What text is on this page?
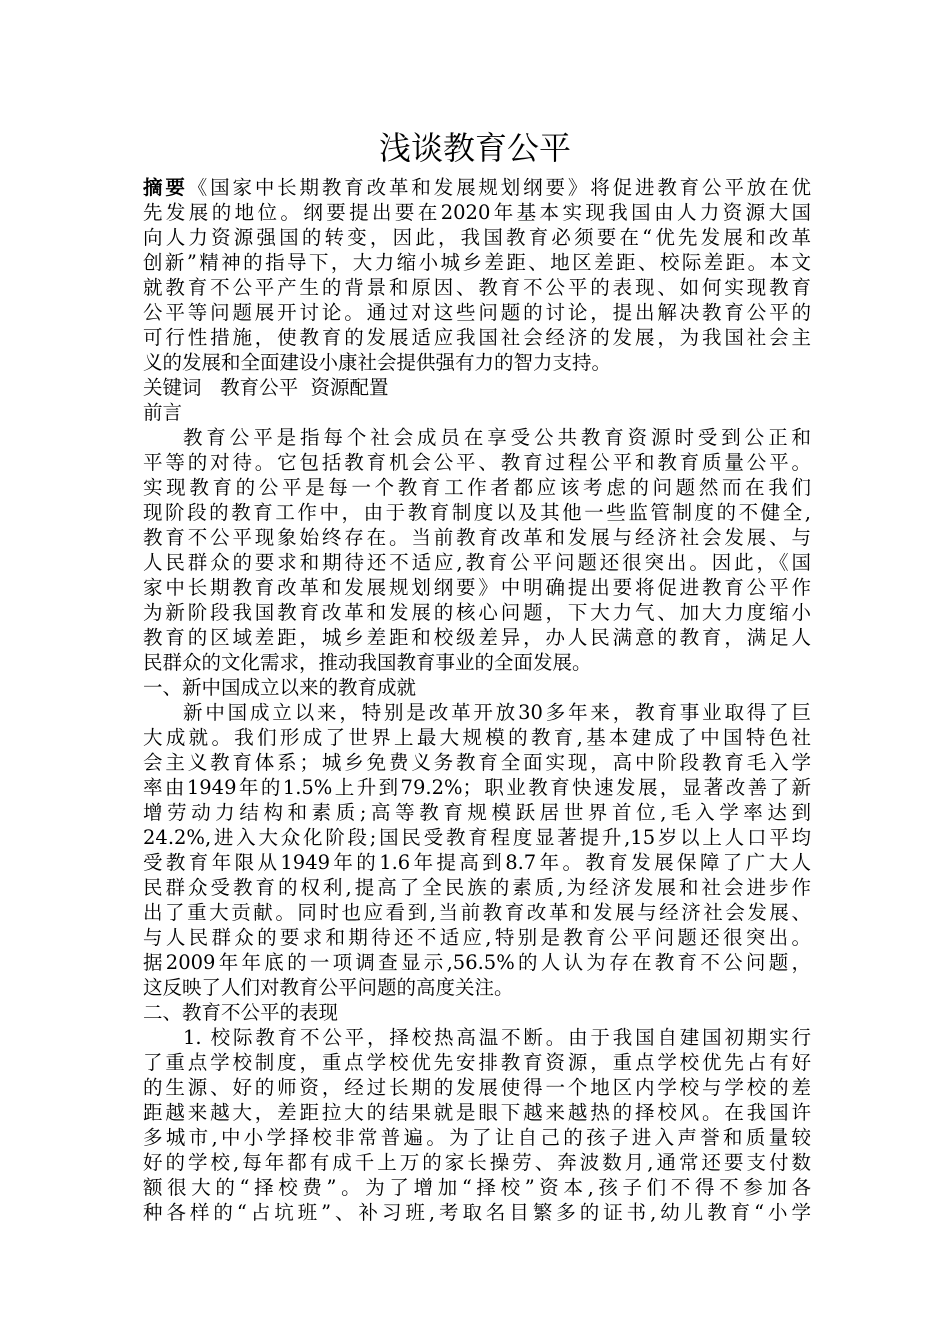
浅谈教育公平
摘要《国家中长期教育改革和发展规划纲要》将促进教育公平放在优
先发展的地位。纲要提出要在2020年基本实现我国由人力资源大国
向人力资源强国的转变，因此，我国教育必须要在“优先发展和改革
创新”精神的指导下，大力缩小城乡差距、地区差距、校际差距。本文
就教育不公平产生的背景和原因、教育不公平的表现、如何实现教育
公平等问题展开讨论。通过对这些问题的讨论，提出解决教育公平的
可行性措施，使教育的发展适应我国社会经济的发展，为我国社会主
义的发展和全面建设小康社会提供强有力的智力支持。
关键词   教育公平  资源配置
前言
教育公平是指每个社会成员在享受公共教育资源时受到公正和
平等的对待。它包括教育机会公平、教育过程公平和教育质量公平。
实现教育的公平是每一个教育工作者都应该考虑的问题然而在我们
现阶段的教育工作中，由于教育制度以及其他一些监管制度的不健全,
教育不公平现象始终存在。当前教育改革和发展与经济社会发展、与
人民群众的要求和期待还不适应,教育公平问题还很突出。因此，《国
家中长期教育改革和发展规划纲要》中明确提出要将促进教育公平作
为新阶段我国教育改革和发展的核心问题，下大力气、加大力度缩小
教育的区域差距，城乡差距和校级差异，办人民满意的教育，满足人
民群众的文化需求，推动我国教育事业的全面发展。
一、新中国成立以来的教育成就
新中国成立以来，特别是改革开放30多年来，教育事业取得了巨
大成就。我们形成了世界上最大规模的教育,基本建成了中国特色社
会主义教育体系；城乡免费义务教育全面实现，高中阶段教育毛入学
率由1949年的1.5%上升到79.2%；职业教育快速发展，显著改善了新
增劳动力结构和素质;高等教育规模跃居世界首位,毛入学率达到
24.2%,进入大众化阶段;国民受教育程度显著提升,15岁以上人口平均
受教育年限从1949年的1.6年提高到8.7年。教育发展保障了广大人
民群众受教育的权利,提高了全民族的素质,为经济发展和社会进步作
出了重大贡献。同时也应看到,当前教育改革和发展与经济社会发展、
与人民群众的要求和期待还不适应,特别是教育公平问题还很突出。
据2009年年底的一项调查显示,56.5%的人认为存在教育不公问题，
这反映了人们对教育公平问题的高度关注。
二、教育不公平的表现
1. 校际教育不公平，择校热高温不断。由于我国自建国初期实行
了重点学校制度，重点学校优先安排教育资源，重点学校优先占有好
的生源、好的师资，经过长期的发展使得一个地区内学校与学校的差
距越来越大，差距拉大的结果就是眼下越来越热的择校风。在我国许
多城市,中小学择校非常普遍。为了让自己的孩子进入声誉和质量较
好的学校,每年都有成千上万的家长操劳、奔波数月,通常还要支付数
额很大的“择校费”。为了增加“择校”资本,孩子们不得不参加各
种各样的“占坑班”、补习班,考取名目繁多的证书,幼儿教育“小学
